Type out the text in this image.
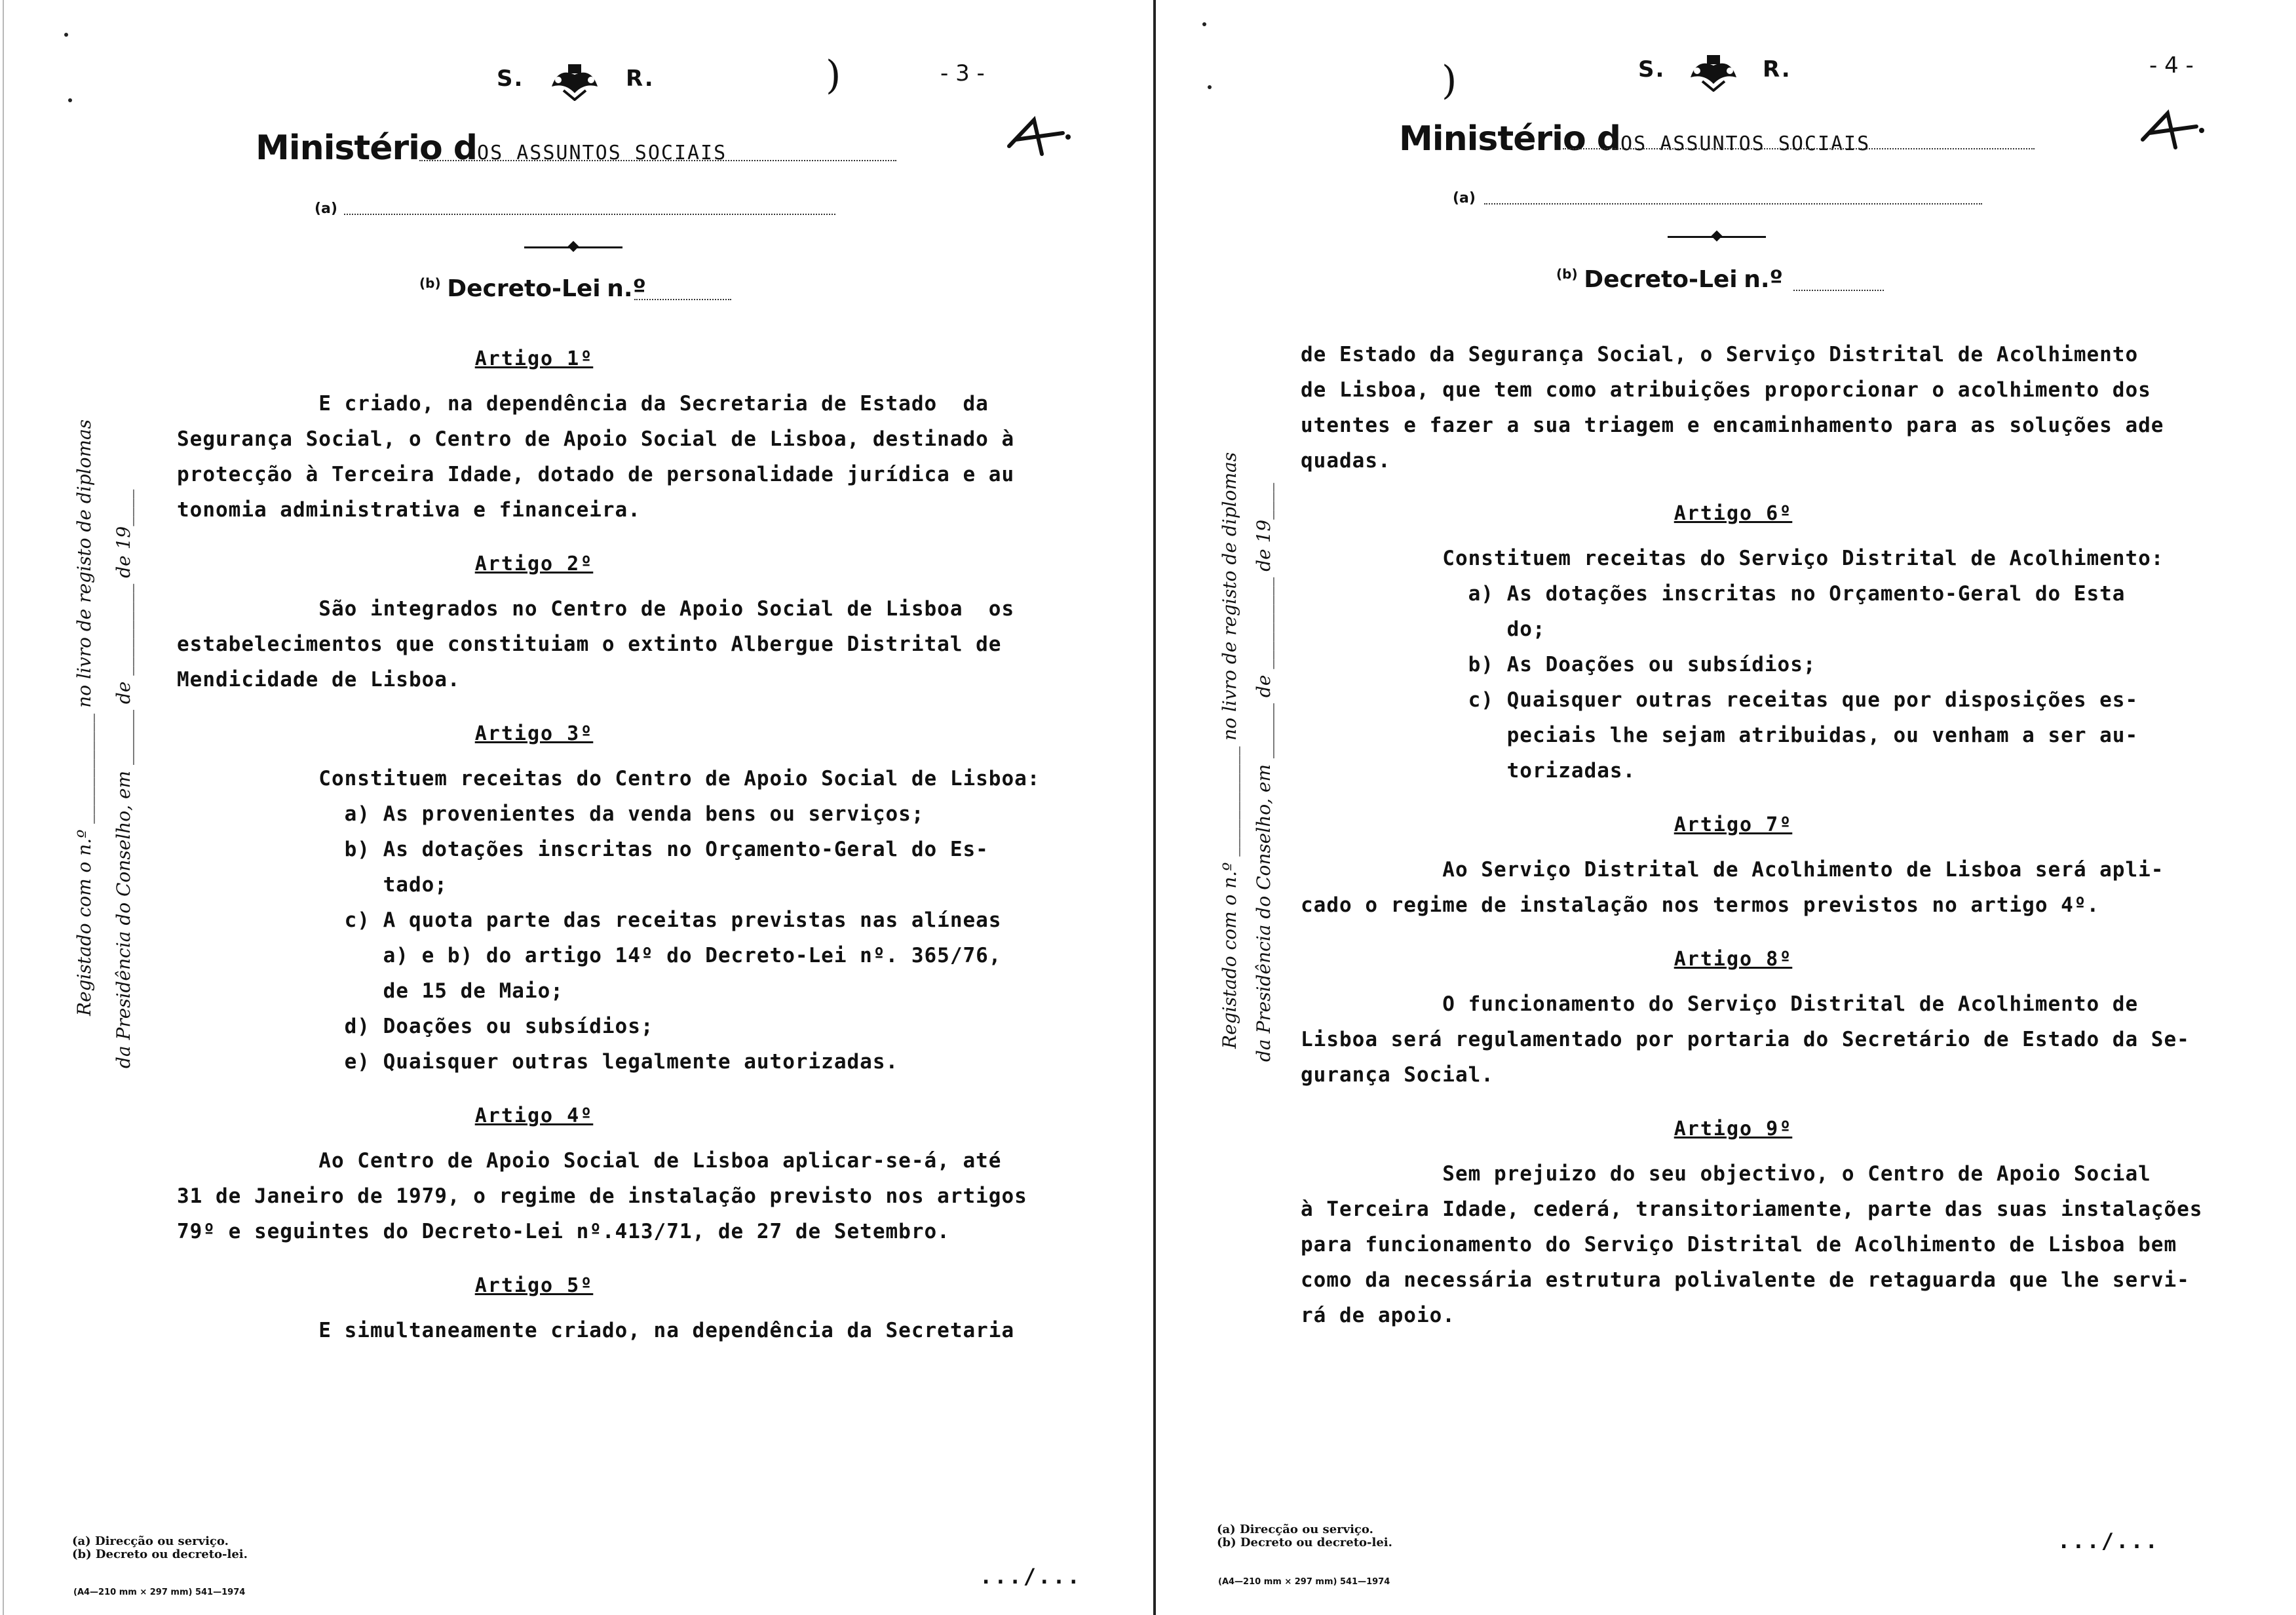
S.	R.	)	- 3 -
Ministério dOS ASSUNTOS SOCIAIS
(a)
(b) Decreto-Lei n.º
Registado com o n.º ____________ no livro de registo de diplomas da Presidência do Conselho, em ______ de __________ de 19____
Artigo 1º
E criado, na dependência da Secretaria de Estado  da
Segurança Social, o Centro de Apoio Social de Lisboa, destinado à
protecção à Terceira Idade, dotado de personalidade jurídica e au
tonomia administrativa e financeira.
Artigo 2º
São integrados no Centro de Apoio Social de Lisboa  os
estabelecimentos que constituiam o extinto Albergue Distrital de
Mendicidade de Lisboa.
Artigo 3º
Constituem receitas do Centro de Apoio Social de Lisboa:
a) As provenientes da venda bens ou serviços;
b) As dotações inscritas no Orçamento-Geral do Es-
tado;
c) A quota parte das receitas previstas nas alíneas
a) e b) do artigo 14º do Decreto-Lei nº. 365/76,
de 15 de Maio;
d) Doações ou subsídios;
e) Quaisquer outras legalmente autorizadas.
Artigo 4º
Ao Centro de Apoio Social de Lisboa aplicar-se-á, até
31 de Janeiro de 1979, o regime de instalação previsto nos artigos
79º e seguintes do Decreto-Lei nº.413/71, de 27 de Setembro.
Artigo 5º
E simultaneamente criado, na dependência da Secretaria
(a) Direcção ou serviço.
(b) Decreto ou decreto-lei.
(A4—210 mm × 297 mm) 541—1974
.../...
)	S.	R.	- 4 -
Ministério dOS ASSUNTOS SOCIAIS
(a)
(b) Decreto-Lei n.º
Registado com o n.º ____________ no livro de registo de diplomas da Presidência do Conselho, em ______ de __________ de 19____
de Estado da Segurança Social, o Serviço Distrital de Acolhimento
de Lisboa, que tem como atribuições proporcionar o acolhimento dos
utentes e fazer a sua triagem e encaminhamento para as soluções ade
quadas.
Artigo 6º
Constituem receitas do Serviço Distrital de Acolhimento:
a) As dotações inscritas no Orçamento-Geral do Esta
do;
b) As Doações ou subsídios;
c) Quaisquer outras receitas que por disposições es-
peciais lhe sejam atribuidas, ou venham a ser au-
torizadas.
Artigo 7º
Ao Serviço Distrital de Acolhimento de Lisboa será apli-
cado o regime de instalação nos termos previstos no artigo 4º.
Artigo 8º
O funcionamento do Serviço Distrital de Acolhimento de
Lisboa será regulamentado por portaria do Secretário de Estado da Se-
gurança Social.
Artigo 9º
Sem prejuizo do seu objectivo, o Centro de Apoio Social
à Terceira Idade, cederá, transitoriamente, parte das suas instalações
para funcionamento do Serviço Distrital de Acolhimento de Lisboa bem
como da necessária estrutura polivalente de retaguarda que lhe servi-
rá de apoio.
(a) Direcção ou serviço.
(b) Decreto ou decreto-lei.
(A4—210 mm × 297 mm) 541—1974
.../...
